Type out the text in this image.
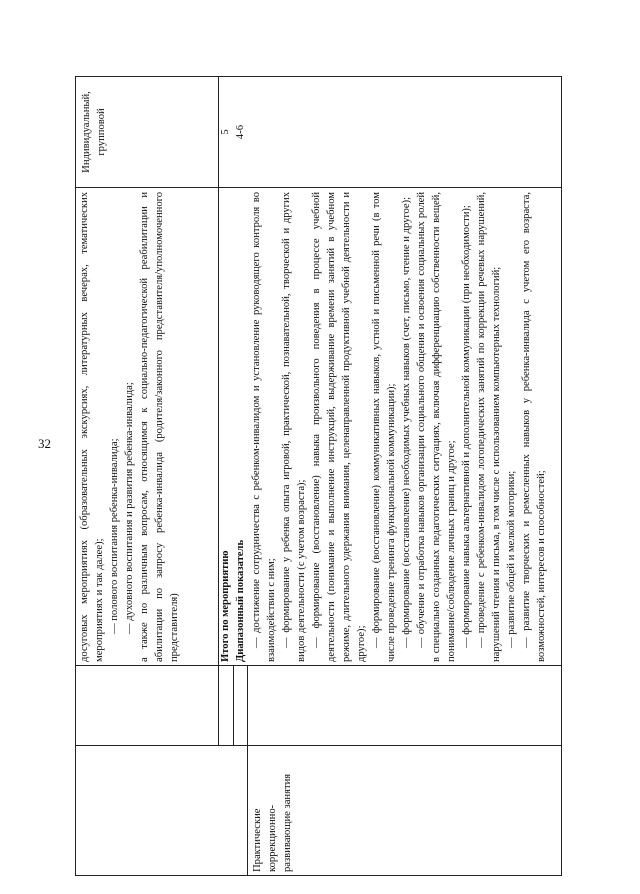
32	досуговых мероприятиях (образовательных экскурсиях, литературных вечерах, тематических мероприятиях и так далее); — полового воспитания ребенка-инвалида; — духовного воспитания и развития ребенка-инвалида; а также по различным вопросам, относящимся к социально-педагогической реабилитации и абилитации по запросу ребенка-инвалида (родителя/законного представителя/уполномоченного представителя)

Индивидуальный, групповой
Итого по мероприятию
5
Диапазонный показатель
4-6
Практические коррекционно-развивающие занятия

— достижение сотрудничества с ребенком-инвалидом и установление руководящего контроля во взаимодействии с ним; — формирование у ребенка опыта игровой, практической, познавательной, творческой и других видов деятельности (с учетом возраста); — формирование (восстановление) навыка произвольного поведения в процессе учебной деятельности (понимание и выполнение инструкций, выдерживание времени занятий в учебном режиме, длительного удержания внимания, целенаправленной продуктивной учебной деятельности и другое); — формирование (восстановление) коммуникативных навыков, устной и письменной речи (в том числе проведение тренинга функциональной коммуникации); — формирование (восстановление) необходимых учебных навыков (счет, письмо, чтение и другое); — обучение и отработка навыков организации социального общения и освоения социальных ролей в специально созданных педагогических ситуациях, включая дифференциацию собственности вещей, понимание/соблюдение личных границ и другое; — формирование навыка альтернативной и дополнительной коммуникации (при необходимости); — проведение с ребенком-инвалидом логопедических занятий по коррекции речевых нарушений, нарушений чтения и письма, в том числе с использованием компьютерных технологий; — развитие общей и мелкой моторики; — развитие творческих и ремесленных навыков у ребенка-инвалида с учетом его возраста, возможностей, интересов и способностей;
